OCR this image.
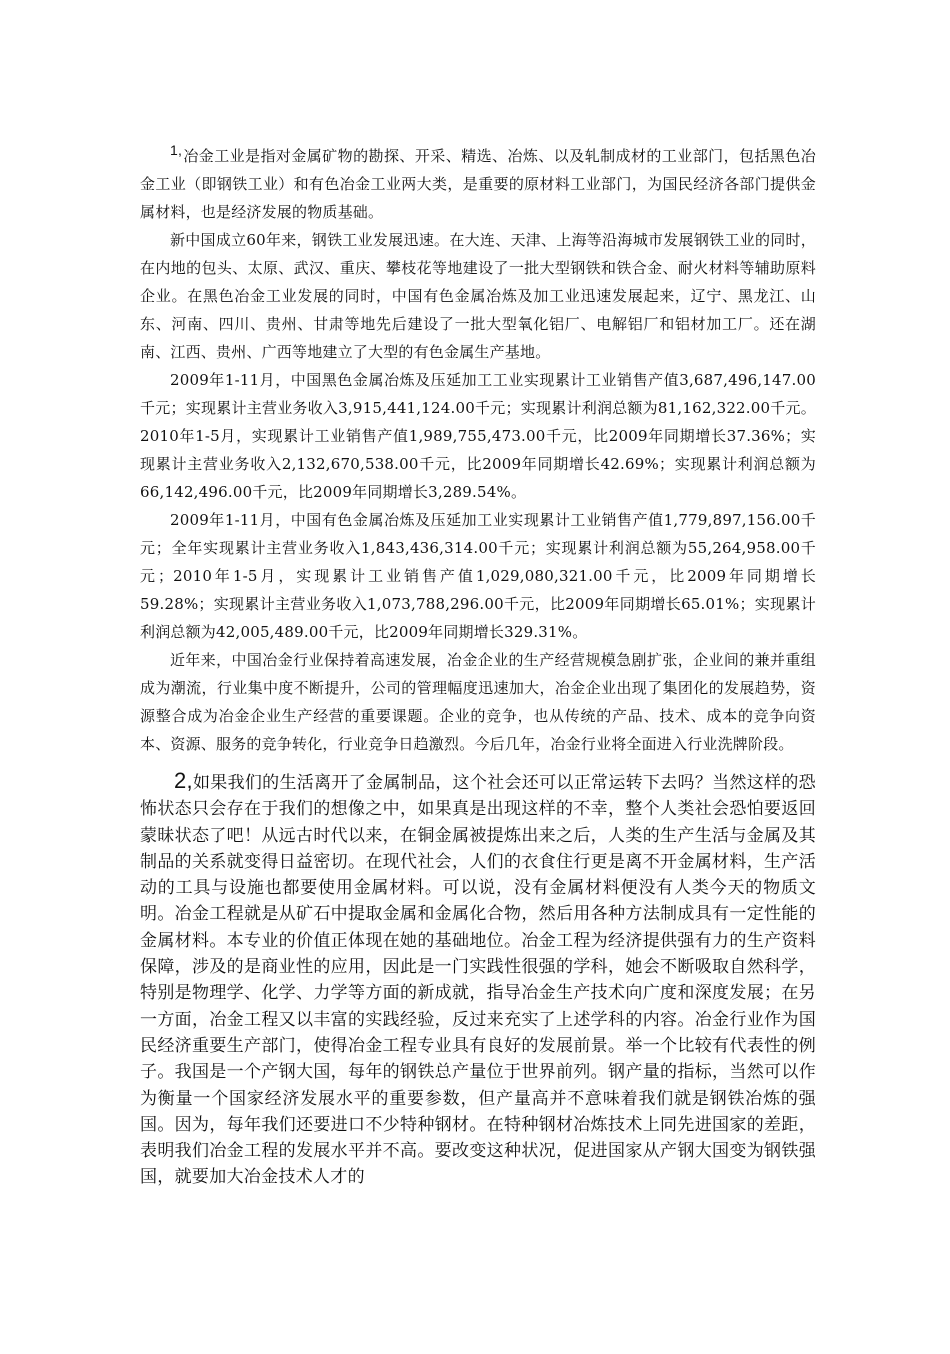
1,冶金工业是指对金属矿物的勘探、开采、精选、冶炼、以及轧制成材的工业部门，包括黑色冶金工业（即钢铁工业）和有色冶金工业两大类，是重要的原材料工业部门，为国民经济各部门提供金属材料，也是经济发展的物质基础。

新中国成立60年来，钢铁工业发展迅速。在大连、天津、上海等沿海城市发展钢铁工业的同时，在内地的包头、太原、武汉、重庆、攀枝花等地建设了一批大型钢铁和铁合金、耐火材料等辅助原料企业。在黑色冶金工业发展的同时，中国有色金属冶炼及加工业迅速发展起来，辽宁、黑龙江、山东、河南、四川、贵州、甘肃等地先后建设了一批大型氧化铝厂、电解铝厂和铝材加工厂。还在湖南、江西、贵州、广西等地建立了大型的有色金属生产基地。

2009年1-11月，中国黑色金属冶炼及压延加工工业实现累计工业销售产值3,687,496,147.00千元；实现累计主营业务收入3,915,441,124.00千元；实现累计利润总额为81,162,322.00千元。2010年1-5月，实现累计工业销售产值1,989,755,473.00千元，比2009年同期增长37.36%；实现累计主营业务收入2,132,670,538.00千元，比2009年同期增长42.69%；实现累计利润总额为66,142,496.00千元，比2009年同期增长3,289.54%。

2009年1-11月，中国有色金属冶炼及压延加工业实现累计工业销售产值1,779,897,156.00千元；全年实现累计主营业务收入1,843,436,314.00千元；实现累计利润总额为55,264,958.00千元；2010年1-5月，实现累计工业销售产值1,029,080,321.00千元，比2009年同期增长59.28%；实现累计主营业务收入1,073,788,296.00千元，比2009年同期增长65.01%；实现累计利润总额为42,005,489.00千元，比2009年同期增长329.31%。

近年来，中国冶金行业保持着高速发展，冶金企业的生产经营规模急剧扩张，企业间的兼并重组成为潮流，行业集中度不断提升，公司的管理幅度迅速加大，冶金企业出现了集团化的发展趋势，资源整合成为冶金企业生产经营的重要课题。企业的竞争，也从传统的产品、技术、成本的竞争向资本、资源、服务的竞争转化，行业竞争日趋激烈。今后几年，冶金行业将全面进入行业洗牌阶段。

2,如果我们的生活离开了金属制品，这个社会还可以正常运转下去吗？当然这样的恐怖状态只会存在于我们的想像之中，如果真是出现这样的不幸，整个人类社会恐怕要返回蒙昧状态了吧！从远古时代以来，在铜金属被提炼出来之后，人类的生产生活与金属及其制品的关系就变得日益密切。在现代社会，人们的衣食住行更是离不开金属材料，生产活动的工具与设施也都要使用金属材料。可以说，没有金属材料便没有人类今天的物质文明。冶金工程就是从矿石中提取金属和金属化合物，然后用各种方法制成具有一定性能的金属材料。本专业的价值正体现在她的基础地位。冶金工程为经济提供强有力的生产资料保障，涉及的是商业性的应用，因此是一门实践性很强的学科，她会不断吸取自然科学，特别是物理学、化学、力学等方面的新成就，指导冶金生产技术向广度和深度发展；在另一方面，冶金工程又以丰富的实践经验，反过来充实了上述学科的内容。冶金行业作为国民经济重要生产部门，使得冶金工程专业具有良好的发展前景。举一个比较有代表性的例子。我国是一个产钢大国，每年的钢铁总产量位于世界前列。钢产量的指标，当然可以作为衡量一个国家经济发展水平的重要参数，但产量高并不意味着我们就是钢铁冶炼的强国。因为，每年我们还要进口不少特种钢材。在特种钢材冶炼技术上同先进国家的差距，表明我们冶金工程的发展水平并不高。要改变这种状况，促进国家从产钢大国变为钢铁强国，就要加大冶金技术人才的
